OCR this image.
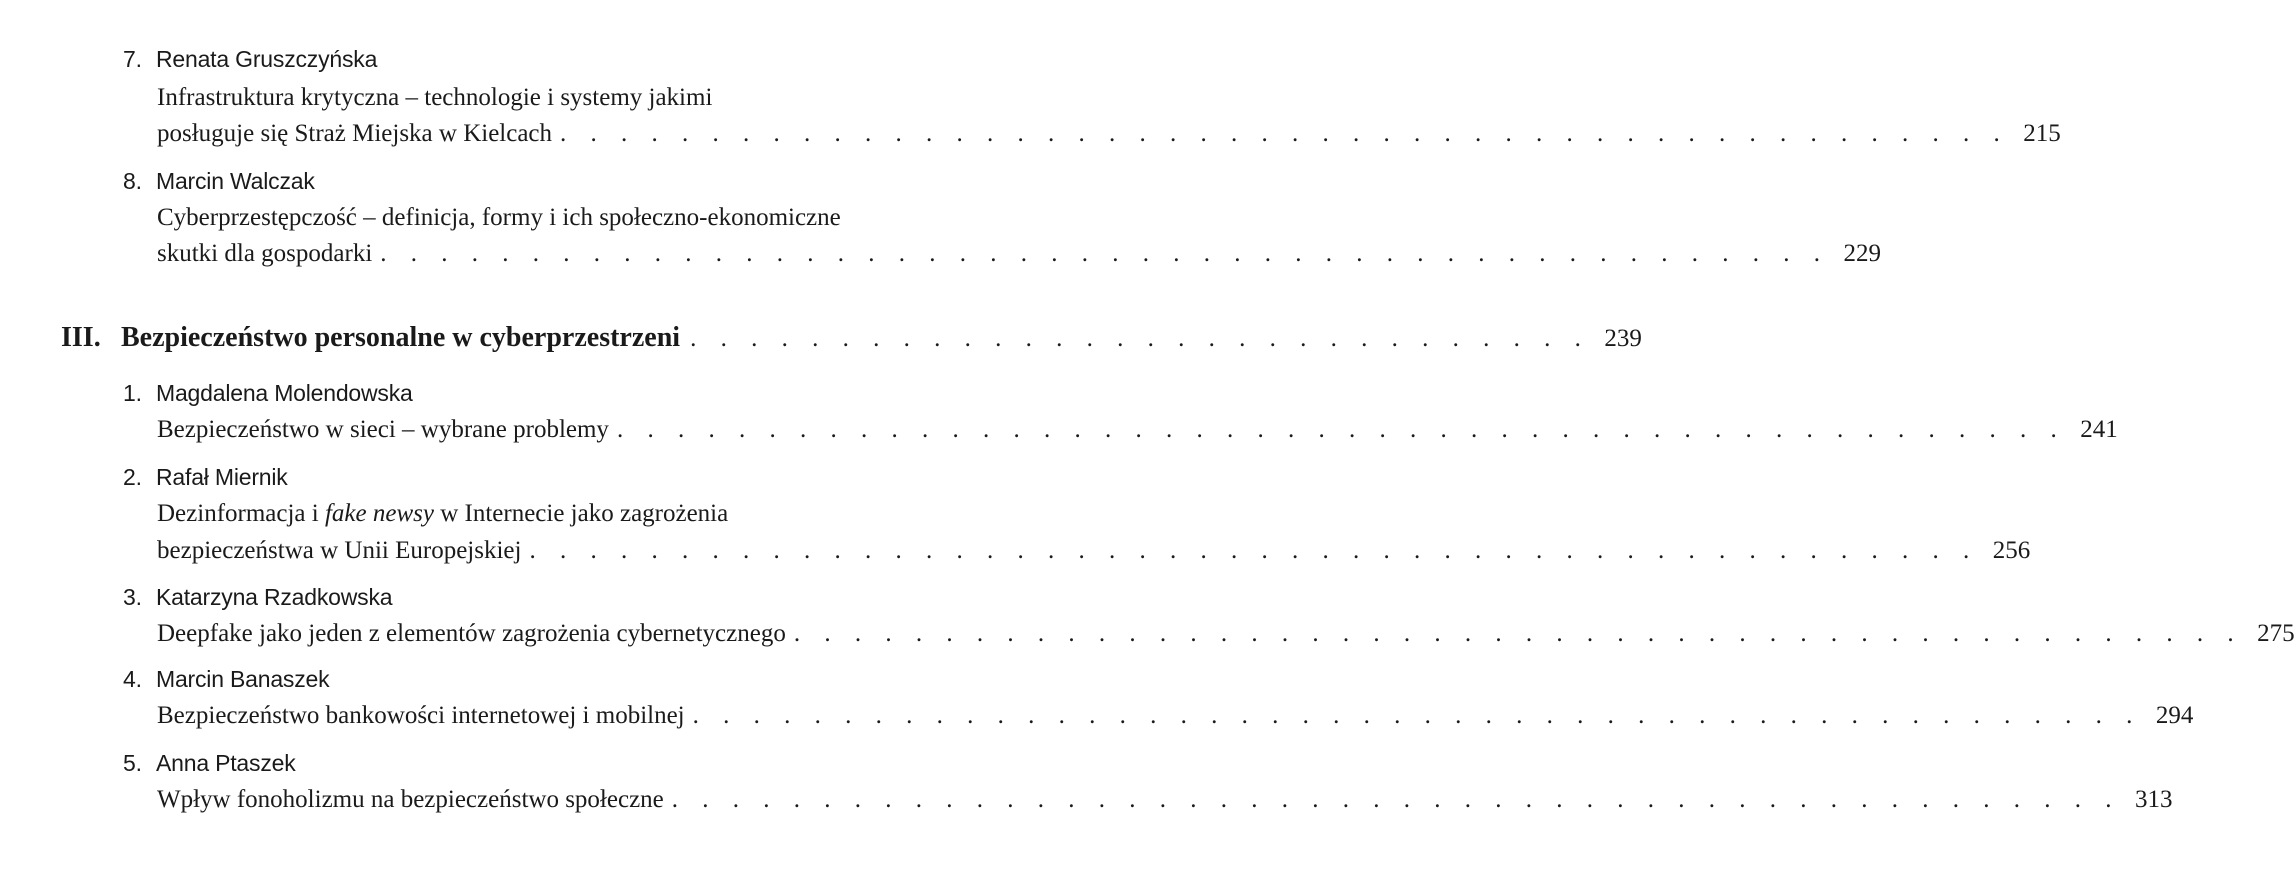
7. Renata Gruszczyńska
Infrastruktura krytyczna – technologie i systemy jakimi
posługuje się Straż Miejska w Kielcach . . . . . . . . . . . . . . . . . . . . . . . . . . . . . . . . . . . . . . . . . . . . . . . . 215
8. Marcin Walczak
Cyberprzestępczość – definicja, formy i ich społeczno-ekonomiczne
skutki dla gospodarki . . . . . . . . . . . . . . . . . . . . . . . . . . . . . . . . . . . . . . . . . . . . . . . . 229
III. Bezpieczeństwo personalne w cyberprzestrzeni . . . . . . . . . . . . . . . . . . . . . . . . . . . . . . 239
1. Magdalena Molendowska
Bezpieczeństwo w sieci – wybrane problemy . . . . . . . . . . . . . . . . . . . . . . . . . . . . . . . . . . . . . . . . . . . . . . . . 241
2. Rafał Miernik
Dezinformacja i fake newsy w Internecie jako zagrożenia
bezpieczeństwa w Unii Europejskiej . . . . . . . . . . . . . . . . . . . . . . . . . . . . . . . . . . . . . . . . . . . . . . . . 256
3. Katarzyna Rzadkowska
Deepfake jako jeden z elementów zagrożenia cybernetycznego . . . . . . . . . . . . . . . . . . . . . . . . . . . . . . . . . . . . . . . . . . . . . . . . 275
4. Marcin Banaszek
Bezpieczeństwo bankowości internetowej i mobilnej . . . . . . . . . . . . . . . . . . . . . . . . . . . . . . . . . . . . . . . . . . . . . . . . 294
5. Anna Ptaszek
Wpływ fonoholizmu na bezpieczeństwo społeczne . . . . . . . . . . . . . . . . . . . . . . . . . . . . . . . . . . . . . . . . . . . . . . . . 313
